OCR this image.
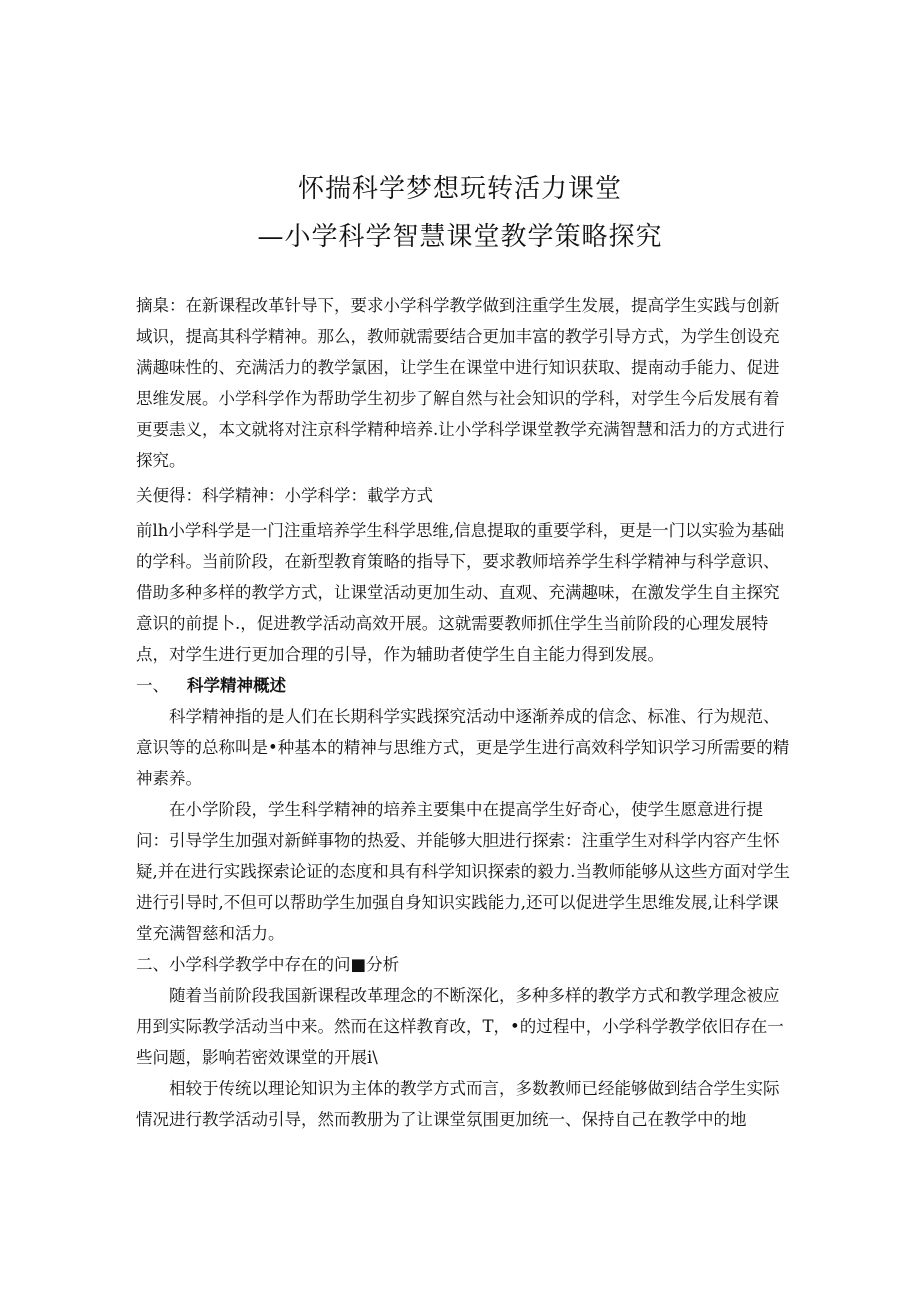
怀揣科学梦想玩转活力课堂
—小学科学智慧课堂教学策略探究

摘臬：在新课程改革针导下，要求小学科学教学做到注重学生发展，提高学生实践与创新域识，提高其科学精神。那么，教师就需要结合更加丰富的教学引导方式，为学生创设充满趣味性的、充满活力的教学氯困，让学生在课堂中进行知识获取、提南动手能力、促进思维发展。小学科学作为帮助学生初步了解自然与社会知识的学科，对学生今后发展有着更要恚义，本文就将对注京科学精种培养.让小学科学课堂教学充满智慧和活力的方式进行探究。

关便得：科学精神：小学科学：載学方式

前lh小学科学是一门注重培养学生科学思维,信息提取的重要学科，更是一门以实验为基础的学科。当前阶段，在新型教育策略的指导下，要求教师培养学生科学精神与科学意识、借助多种多样的教学方式，让课堂活动更加生动、直观、充满趣味，在激发学生自主探究意识的前提卜.，促进教学活动高效开展。这就需要教师抓住学生当前阶段的心理发展特点，对学生进行更加合理的引导，作为辅助者使学生自主能力得到发展。

一、 科学精神概述

科学精神指的是人们在长期科学实践探究活动中逐渐养成的信念、标准、行为规范、意识等的总称叫是•种基本的精神与思维方式，更是学生进行高效科学知识学习所需要的精神素养。

在小学阶段，学生科学精神的培养主要集中在提高学生好奇心，使学生愿意进行提问：引导学生加强对新鲜事物的热爱、并能够大胆进行探索：注重学生对科学内容产生怀疑,并在进行实践探索论证的态度和具有科学知识探索的毅力.当教师能够从这些方面对学生进行引导时,不但可以帮助学生加强自身知识实践能力,还可以促进学生思维发展,让科学课堂充满智慈和活力。

二、小学科学教学中存在的问■分析

随着当前阶段我国新课程改革理念的不断深化，多种多样的教学方式和教学理念被应用到实际教学活动当中来。然而在这样教育改，T，•的过程中，小学科学教学依旧存在一些问题，影响若密效课堂的开展i\

相较于传统以理论知识为主体的教学方式而言，多数教师已经能够做到结合学生实际情况进行教学活动引导，然而教册为了让课堂氛围更加统一、保持自己在教学中的地
